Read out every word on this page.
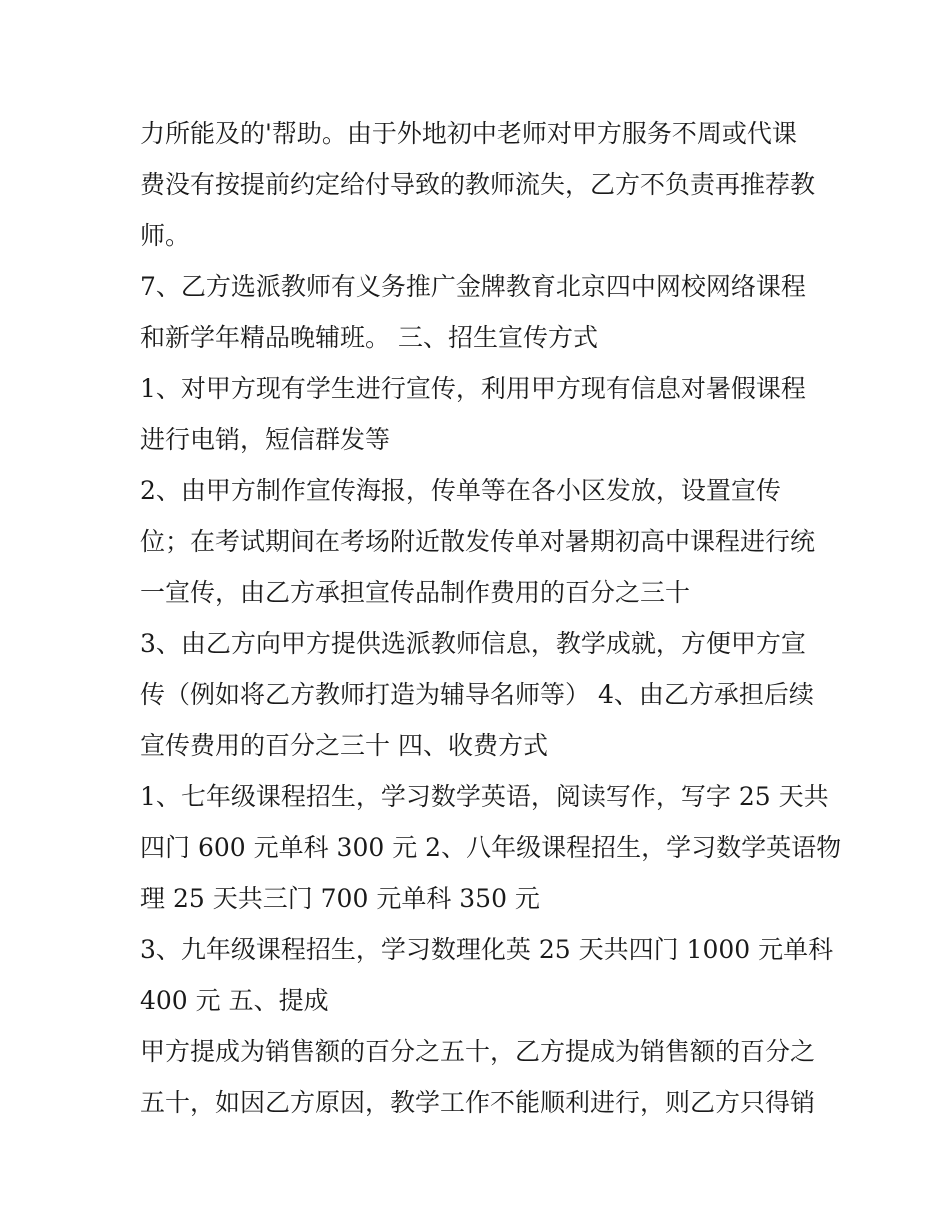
力所能及的'帮助。由于外地初中老师对甲方服务不周或代课
费没有按提前约定给付导致的教师流失，乙方不负责再推荐教
师。
7、乙方选派教师有义务推广金牌教育北京四中网校网络课程
和新学年精品晚辅班。 三、招生宣传方式
1、对甲方现有学生进行宣传，利用甲方现有信息对暑假课程
进行电销，短信群发等
2、由甲方制作宣传海报，传单等在各小区发放，设置宣传
位；在考试期间在考场附近散发传单对暑期初高中课程进行统
一宣传，由乙方承担宣传品制作费用的百分之三十
3、由乙方向甲方提供选派教师信息，教学成就，方便甲方宣
传（例如将乙方教师打造为辅导名师等） 4、由乙方承担后续
宣传费用的百分之三十 四、收费方式
1、七年级课程招生，学习数学英语，阅读写作，写字 25 天共
四门 600 元单科 300 元 2、八年级课程招生，学习数学英语物
理 25 天共三门 700 元单科 350 元
3、九年级课程招生，学习数理化英 25 天共四门 1000 元单科
400 元 五、提成
甲方提成为销售额的百分之五十，乙方提成为销售额的百分之
五十，如因乙方原因，教学工作不能顺利进行，则乙方只得销
